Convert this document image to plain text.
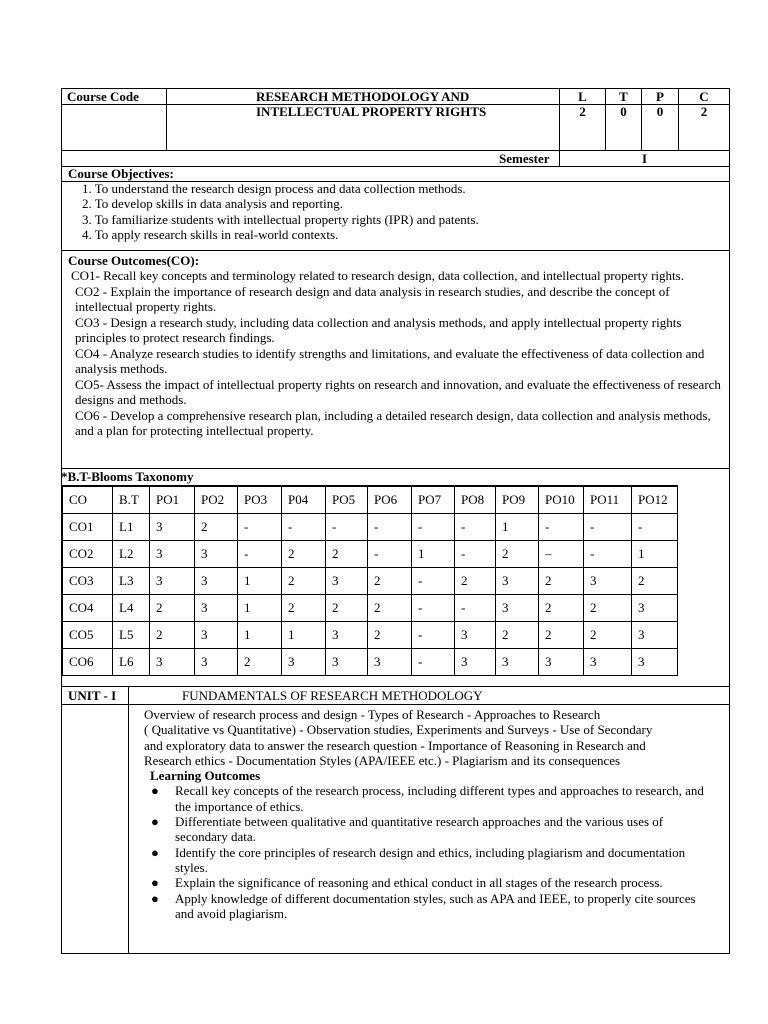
Course Code	RESEARCH METHODOLOGY AND
INTELLECTUAL PROPERTY RIGHTS
L	T	P	C
2	0	0	2
Semester	I
Course Objectives:
1. To understand the research design process and data collection methods.
2. To develop skills in data analysis and reporting.
3. To familiarize students with intellectual property rights (IPR) and patents.
4. To apply research skills in real-world contexts.
Course Outcomes(CO):
CO1- Recall key concepts and terminology related to research design, data collection, and intellectual property rights.
CO2 - Explain the importance of research design and data analysis in research studies, and describe the concept of intellectual property rights.
CO3 - Design a research study, including data collection and analysis methods, and apply intellectual property rights principles to protect research findings.
CO4 - Analyze research studies to identify strengths and limitations, and evaluate the effectiveness of data collection and analysis methods.
CO5- Assess the impact of intellectual property rights on research and innovation, and evaluate the effectiveness of research designs and methods.
CO6 - Develop a comprehensive research plan, including a detailed research design, data collection and analysis methods, and a plan for protecting intellectual property.
*B.T-Blooms Taxonomy
CO	B.T	PO1	PO2	PO3	P04	PO5	PO6	PO7	PO8	PO9	PO10	PO11	PO12
CO1	L1	3	2	-	-	-	-	-	-	1	-	-	-
CO2	L2	3	3	-	2	2	-	1	-	2	–	-	1
CO3	L3	3	3	1	2	3	2	-	2	3	2	3	2
CO4	L4	2	3	1	2	2	2	-	-	3	2	2	3
CO5	L5	2	3	1	1	3	2	-	3	2	2	2	3
CO6	L6	3	3	2	3	3	3	-	3	3	3	3	3
UNIT - I	FUNDAMENTALS OF RESEARCH METHODOLOGY
Overview of research process and design - Types of Research - Approaches to Research
( Qualitative vs Quantitative) - Observation studies, Experiments and Surveys - Use of Secondary
and exploratory data to answer the research question - Importance of Reasoning in Research and
Research ethics - Documentation Styles (APA/IEEE etc.) - Plagiarism and its consequences
Learning Outcomes
● Recall key concepts of the research process, including different types and approaches to research, and the importance of ethics.
● Differentiate between qualitative and quantitative research approaches and the various uses of secondary data.
● Identify the core principles of research design and ethics, including plagiarism and documentation styles.
● Explain the significance of reasoning and ethical conduct in all stages of the research process.
● Apply knowledge of different documentation styles, such as APA and IEEE, to properly cite sources and avoid plagiarism.
